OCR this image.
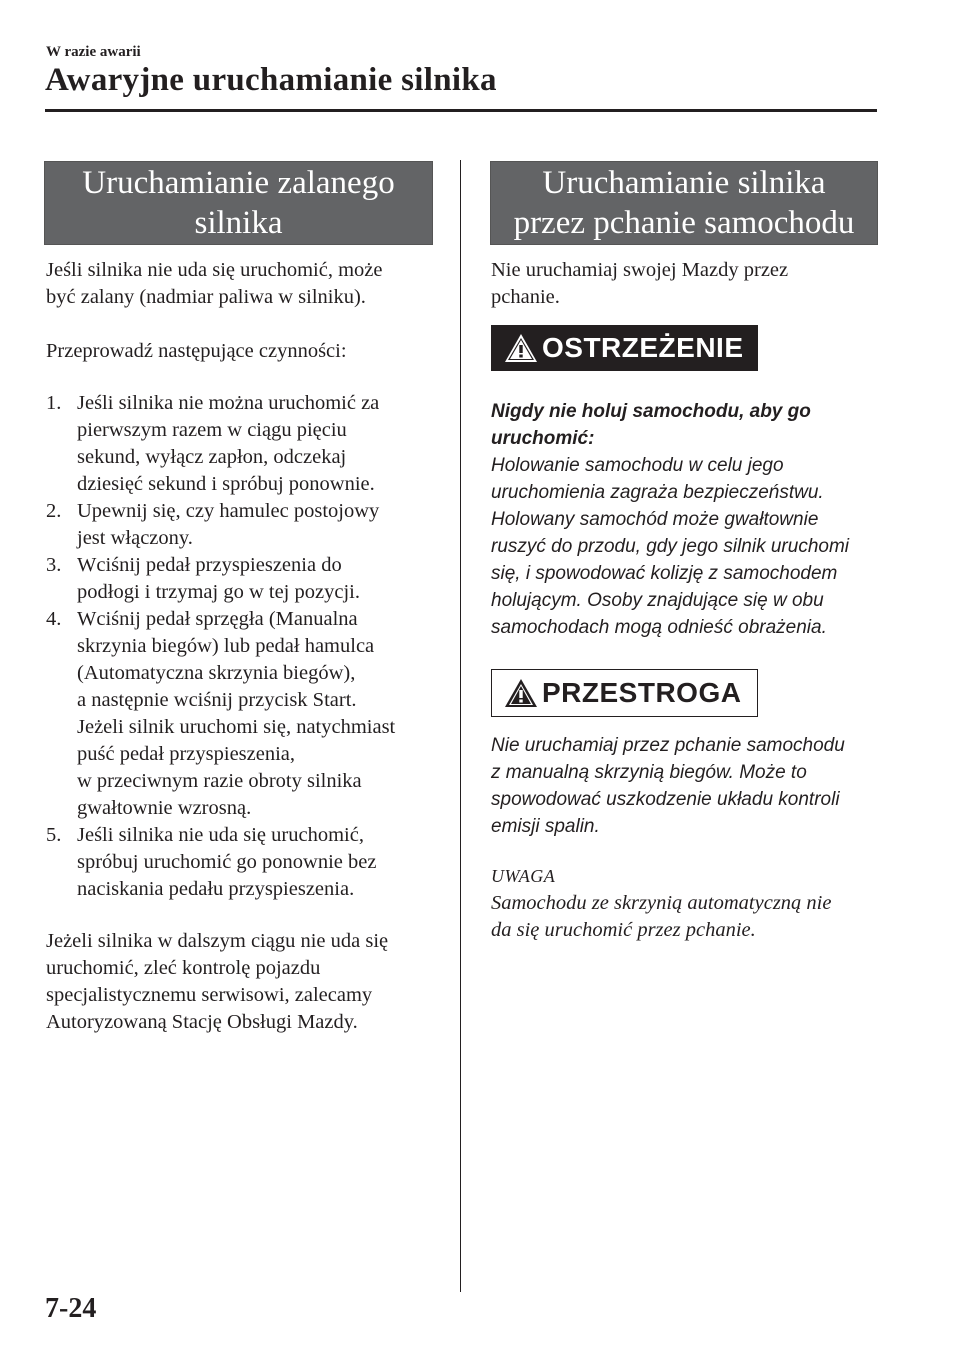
W razie awarii
Awaryjne uruchamianie silnika
Uruchamianie zalanego
silnika
Jeśli silnika nie uda się uruchomić, może
być zalany (nadmiar paliwa w silniku).
Przeprowadź następujące czynności:
1. Jeśli silnika nie można uruchomić za
pierwszym razem w ciągu pięciu
sekund, wyłącz zapłon, odczekaj
dziesięć sekund i spróbuj ponownie.
2. Upewnij się, czy hamulec postojowy
jest włączony.
3. Wciśnij pedał przyspieszenia do
podłogi i trzymaj go w tej pozycji.
4. Wciśnij pedał sprzęgła (Manualna
skrzynia biegów) lub pedał hamulca
(Automatyczna skrzynia biegów),
a następnie wciśnij przycisk Start.
Jeżeli silnik uruchomi się, natychmiast
puść pedał przyspieszenia,
w przeciwnym razie obroty silnika
gwałtownie wzrosną.
5. Jeśli silnika nie uda się uruchomić,
spróbuj uruchomić go ponownie bez
naciskania pedału przyspieszenia.
Jeżeli silnika w dalszym ciągu nie uda się
uruchomić, zleć kontrolę pojazdu
specjalistycznemu serwisowi, zalecamy
Autoryzowaną Stację Obsługi Mazdy.
Uruchamianie silnika
przez pchanie samochodu
Nie uruchamiaj swojej Mazdy przez
pchanie.
OSTRZEŻENIE
Nigdy nie holuj samochodu, aby go
uruchomić:
Holowanie samochodu w celu jego
uruchomienia zagraża bezpieczeństwu.
Holowany samochód może gwałtownie
ruszyć do przodu, gdy jego silnik uruchomi
się, i spowodować kolizję z samochodem
holującym. Osoby znajdujące się w obu
samochodach mogą odnieść obrażenia.
PRZESTROGA
Nie uruchamiaj przez pchanie samochodu
z manualną skrzynią biegów. Może to
spowodować uszkodzenie układu kontroli
emisji spalin.
UWAGA
Samochodu ze skrzynią automatyczną nie
da się uruchomić przez pchanie.
7-24
